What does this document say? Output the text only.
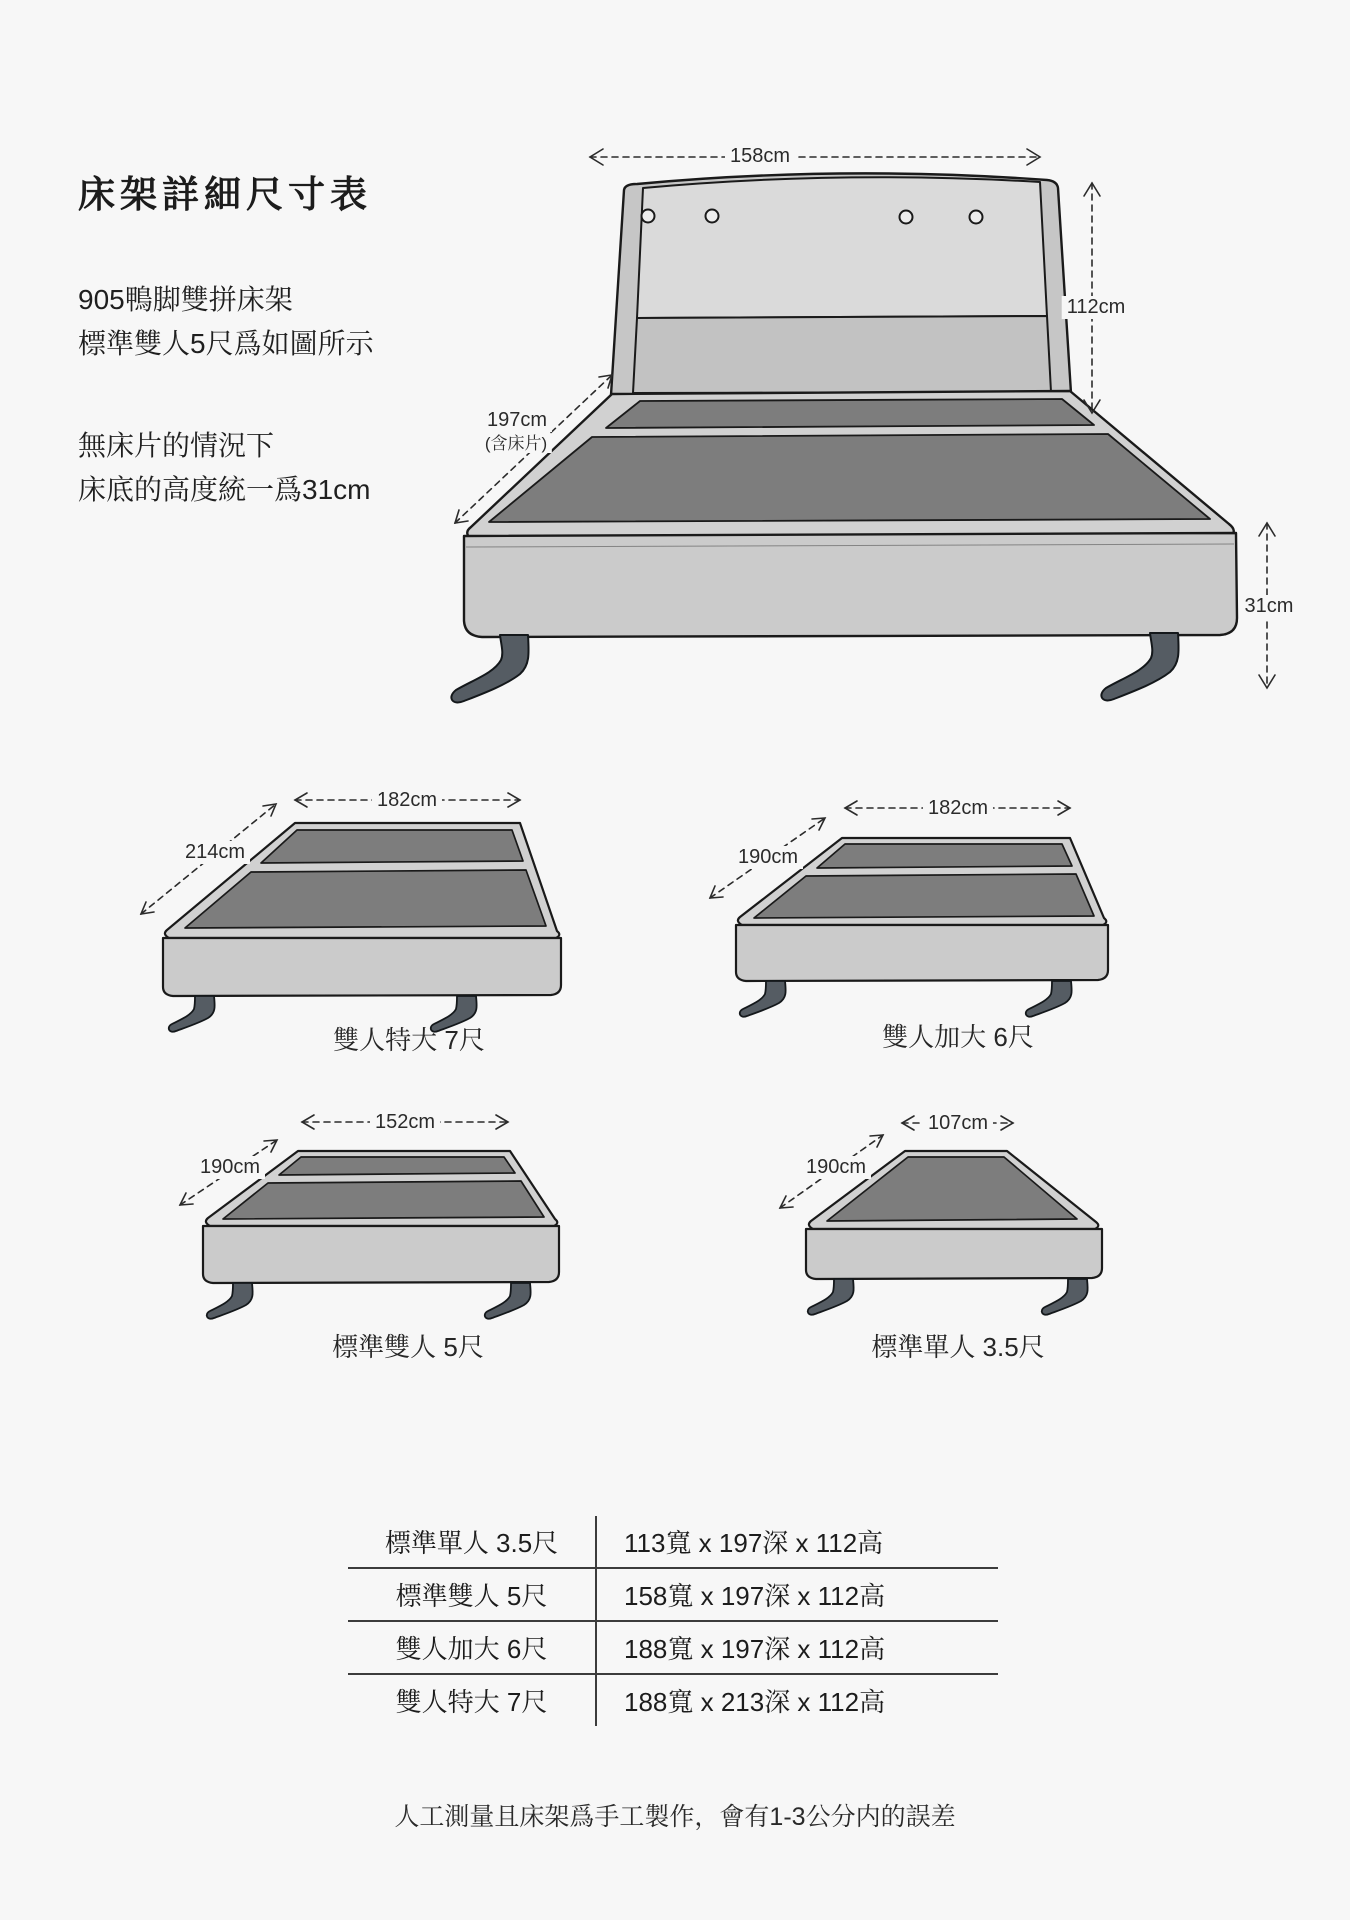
床架詳細尺寸表
905鴨脚雙拼床架
標準雙人5尺爲如圖所示
無床片的情況下
床底的高度統一爲31cm
158cm
112cm
197cm
(含床片)
31cm
182cm
214cm
雙人特大 7尺
182cm
190cm
雙人加大 6尺
152cm
190cm
標準雙人 5尺
107cm
190cm
標準單人 3.5尺
標準單人 3.5尺	113寬 x 197深 x 112高
標準雙人 5尺	158寬 x 197深 x 112高
雙人加大 6尺	188寬 x 197深 x 112高
雙人特大 7尺	188寬 x 213深 x 112高
人工測量且床架爲手工製作，會有1-3公分内的誤差
